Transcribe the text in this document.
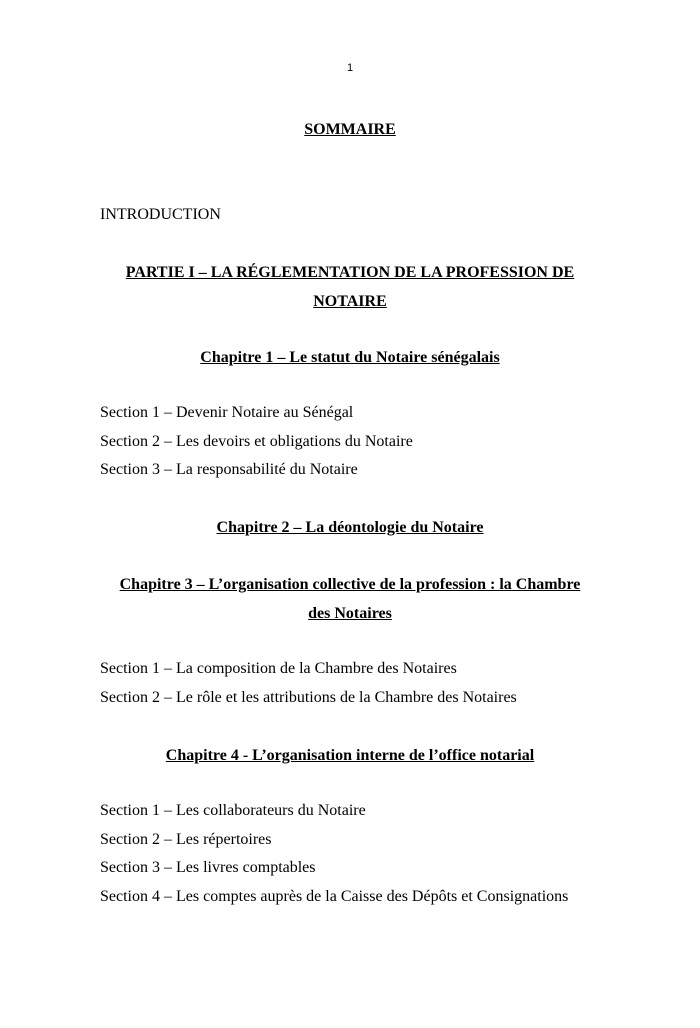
1
SOMMAIRE
INTRODUCTION
PARTIE I – LA RÉGLEMENTATION DE LA PROFESSION DE
NOTAIRE
Chapitre 1 – Le statut du Notaire sénégalais
Section 1 – Devenir Notaire au Sénégal
Section 2 – Les devoirs et obligations du Notaire
Section 3 – La responsabilité du Notaire
Chapitre 2 – La déontologie du Notaire
Chapitre 3 – L’organisation collective de la profession : la Chambre
des Notaires
Section 1 – La composition de la Chambre des Notaires
Section 2 – Le rôle et les attributions de la Chambre des Notaires
Chapitre 4 - L’organisation interne de l’office notarial
Section 1 – Les collaborateurs du Notaire
Section 2 – Les répertoires
Section 3 – Les livres comptables
Section 4 – Les comptes auprès de la Caisse des Dépôts et Consignations
